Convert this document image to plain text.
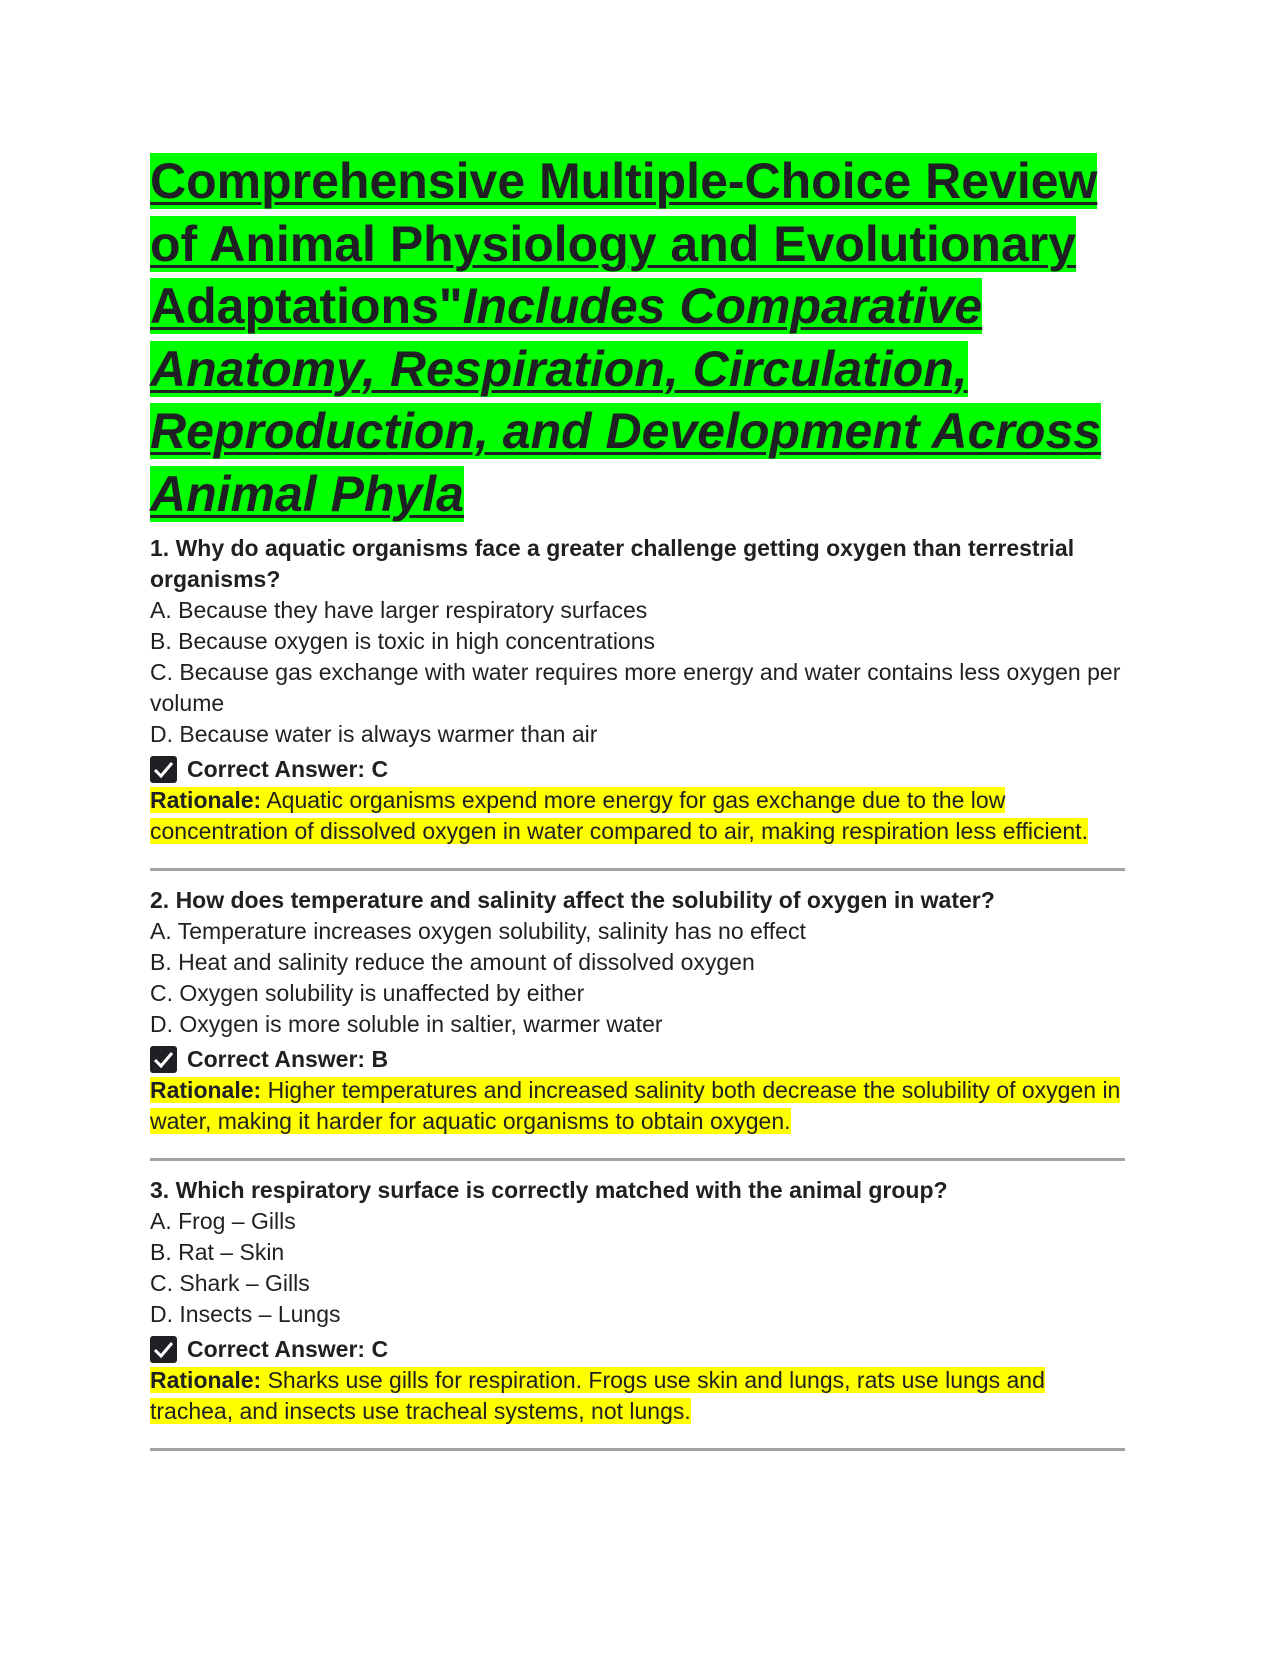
Comprehensive Multiple-Choice Review of Animal Physiology and Evolutionary Adaptations"Includes Comparative Anatomy, Respiration, Circulation, Reproduction, and Development Across Animal Phyla

1. Why do aquatic organisms face a greater challenge getting oxygen than terrestrial organisms?

A. Because they have larger respiratory surfaces

B. Because oxygen is toxic in high concentrations

C. Because gas exchange with water requires more energy and water contains less oxygen per volume

D. Because water is always warmer than air

Correct Answer: C

Rationale: Aquatic organisms expend more energy for gas exchange due to the low concentration of dissolved oxygen in water compared to air, making respiration less efficient.

2. How does temperature and salinity affect the solubility of oxygen in water?

A. Temperature increases oxygen solubility, salinity has no effect

B. Heat and salinity reduce the amount of dissolved oxygen

C. Oxygen solubility is unaffected by either

D. Oxygen is more soluble in saltier, warmer water

Correct Answer: B

Rationale: Higher temperatures and increased salinity both decrease the solubility of oxygen in water, making it harder for aquatic organisms to obtain oxygen.

3. Which respiratory surface is correctly matched with the animal group?

A. Frog – Gills

B. Rat – Skin

C. Shark – Gills

D. Insects – Lungs

Correct Answer: C

Rationale: Sharks use gills for respiration. Frogs use skin and lungs, rats use lungs and trachea, and insects use tracheal systems, not lungs.
